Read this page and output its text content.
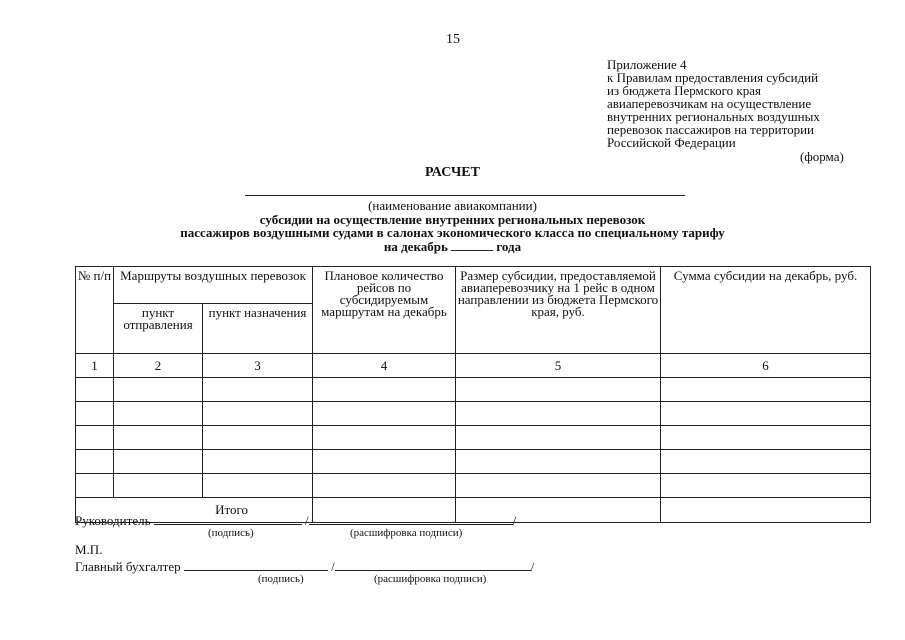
15
Приложение 4
к Правилам предоставления субсидий
из бюджета Пермского края
авиаперевозчикам на осуществление
внутренних региональных воздушных
перевозок пассажиров на территории
Российской Федерации
(форма)
РАСЧЕТ
(наименование авиакомпании)
субсидии на осуществление внутренних региональных перевозок
пассажиров воздушными судами в салонах экономического класса по специальному тарифу
на декабрь	года
№ п/п	Маршруты воздушных перевозок		Плановое количество рейсов по субсидируемым маршрутам на декабрь	Размер субсидии, предоставляемой авиаперевозчику на 1 рейс в одном направлении из бюджета Пермского края, руб.	Сумма субсидии на декабрь, руб.
	пункт отправления	пункт назначения			
1	2	3	4	5	6

Итого					
Руководитель	/	/
(подпись)	(расшифровка подписи)
М.П.
Главный бухгалтер	/	/
(подпись)	(расшифровка подписи)
